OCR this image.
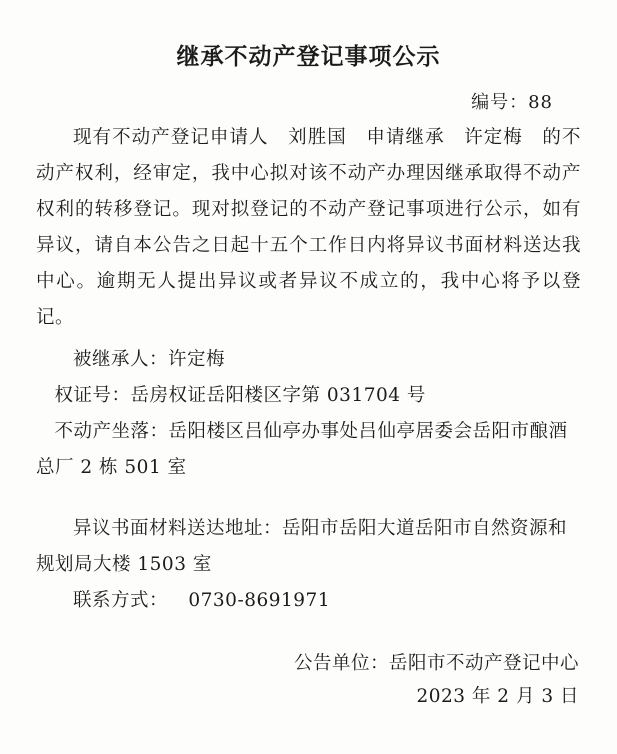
继承不动产登记事项公示
编号：88
现有不动产登记申请人　刘胜国　申请继承　许定梅　的不动产权利，经审定，我中心拟对该不动产办理因继承取得不动产权利的转移登记。现对拟登记的不动产登记事项进行公示，如有异议，请自本公告之日起十五个工作日内将异议书面材料送达我中心。逾期无人提出异议或者异议不成立的，我中心将予以登记。
被继承人：许定梅
权证号：岳房权证岳阳楼区字第 031704 号
不动产坐落：岳阳楼区吕仙亭办事处吕仙亭居委会岳阳市酿酒总厂 2 栋 501 室
异议书面材料送达地址：岳阳市岳阳大道岳阳市自然资源和规划局大楼 1503 室
联系方式： 0730-8691971
公告单位：岳阳市不动产登记中心
2023 年 2 月 3 日
